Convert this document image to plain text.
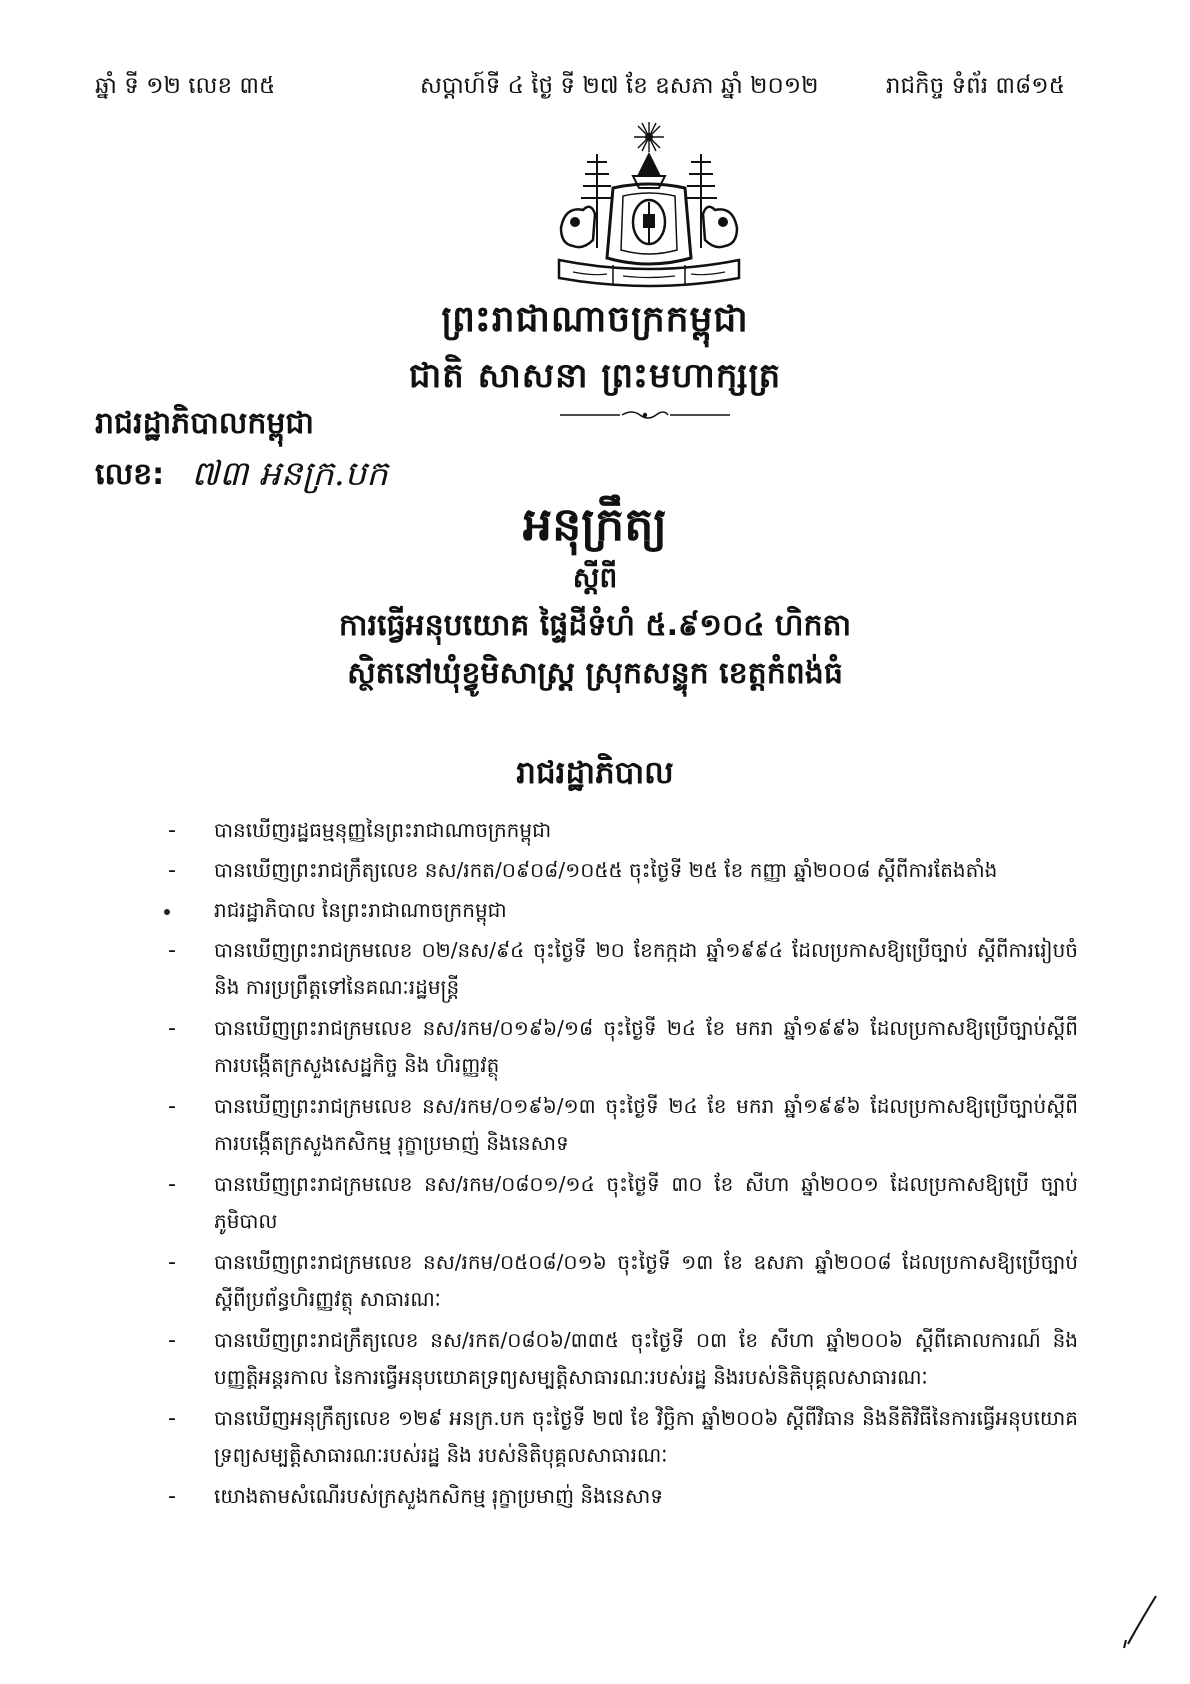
ឆ្នាំ ទី ១២ លេខ ៣៥	សប្ដាហ៍ទី ៤ ថ្ងៃ ទី ២៧ ខែ ឧសភា ឆ្នាំ ២០១២	រាជកិច្ច ទំព័រ ៣៨១៥
ព្រះរាជាណាចក្រកម្ពុជា
ជាតិ សាសនា ព្រះមហាក្សត្រ
រាជរដ្ឋាភិបាលកម្ពុជា
លេខ: ៧៣ អនក្រ.បក
អនុក្រឹត្យ
ស្តីពី
ការធ្វើអនុបយោគ ផ្ទៃដីទំហំ ៥.៩១០៤ ហិកតា
ស្ថិតនៅឃុំខ្វូមិសាស្ត្រ ស្រុកសន្ទុក ខេត្តកំពង់ធំ
រាជរដ្ឋាភិបាល
- បានឃើញរដ្ឋធម្មនុញ្ញនៃព្រះរាជាណាចក្រកម្ពុជា
- បានឃើញព្រះរាជក្រឹត្យលេខ នស/រកត/០៩០៨/១០៥៥ ចុះថ្ងៃទី ២៥ ខែ កញ្ញា ឆ្នាំ២០០៨ ស្តីពីការតែងតាំង
រាជរដ្ឋាភិបាល នៃព្រះរាជាណាចក្រកម្ពុជា
- បានឃើញព្រះរាជក្រមលេខ ០២/នស/៩៤ ចុះថ្ងៃទី ២០ ខែកក្កដា ឆ្នាំ១៩៩៤ ដែលប្រកាសឱ្យប្រើច្បាប់ ស្តីពីការរៀបចំ និង ការប្រព្រឹត្តទៅនៃគណៈរដ្ឋមន្ត្រី
- បានឃើញព្រះរាជក្រមលេខ នស/រកម/០១៩៦/១៨ ចុះថ្ងៃទី ២៤ ខែ មករា ឆ្នាំ១៩៩៦ ដែលប្រកាសឱ្យប្រើច្បាប់ស្តីពី ការបង្កើតក្រសួងសេដ្ឋកិច្ច និង ហិរញ្ញវត្ថុ
- បានឃើញព្រះរាជក្រមលេខ នស/រកម/០១៩៦/១៣ ចុះថ្ងៃទី ២៤ ខែ មករា ឆ្នាំ១៩៩៦ ដែលប្រកាសឱ្យប្រើច្បាប់ស្តីពី ការបង្កើតក្រសួងកសិកម្ម រុក្ខាប្រមាញ់ និងនេសាទ
- បានឃើញព្រះរាជក្រមលេខ នស/រកម/០៨០១/១៤ ចុះថ្ងៃទី ៣០ ខែ សីហា ឆ្នាំ២០០១ ដែលប្រកាសឱ្យប្រើ ច្បាប់ភូមិបាល
- បានឃើញព្រះរាជក្រមលេខ នស/រកម/០៥០៨/០១៦ ចុះថ្ងៃទី ១៣ ខែ ឧសភា ឆ្នាំ២០០៨ ដែលប្រកាសឱ្យប្រើច្បាប់ ស្តីពីប្រព័ន្ធហិរញ្ញវត្ថុ សាធារណៈ
- បានឃើញព្រះរាជក្រឹត្យលេខ នស/រកត/០៨០៦/៣៣៥ ចុះថ្ងៃទី ០៣ ខែ សីហា ឆ្នាំ២០០៦ ស្តីពីគោលការណ៍ និង បញ្ញត្តិអន្តរកាល នៃការធ្វើអនុបយោគទ្រព្យសម្បត្តិសាធារណៈរបស់រដ្ឋ និងរបស់និតិបុគ្គលសាធារណៈ
- បានឃើញអនុក្រឹត្យលេខ ១២៩ អនក្រ.បក ចុះថ្ងៃទី ២៧ ខែ វិច្ឆិកា ឆ្នាំ២០០៦ ស្តីពីវិធាន និងនីតិវិធីនៃការធ្វើអនុបយោគ ទ្រព្យសម្បត្តិសាធារណៈរបស់រដ្ឋ និង របស់និតិបុគ្គលសាធារណៈ
- យោងតាមសំណើរបស់ក្រសួងកសិកម្ម រុក្ខាប្រមាញ់ និងនេសាទ
